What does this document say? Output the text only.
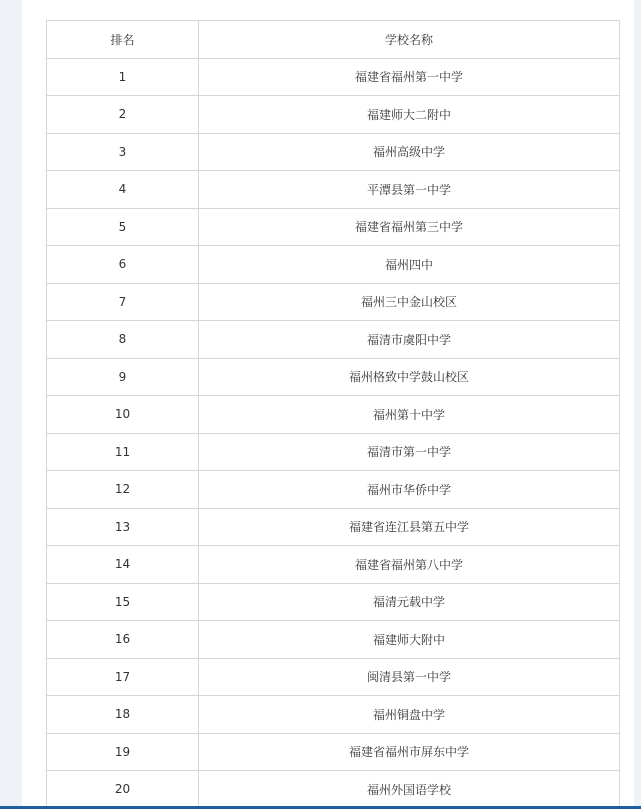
排名	学校名称
1	福建省福州第一中学
2	福建师大二附中
3	福州高级中学
4	平潭县第一中学
5	福建省福州第三中学
6	福州四中
7	福州三中金山校区
8	福清市虞阳中学
9	福州格致中学鼓山校区
10	福州第十中学
11	福清市第一中学
12	福州市华侨中学
13	福建省连江县第五中学
14	福建省福州第八中学
15	福清元载中学
16	福建师大附中
17	闽清县第一中学
18	福州铜盘中学
19	福建省福州市屏东中学
20	福州外国语学校
